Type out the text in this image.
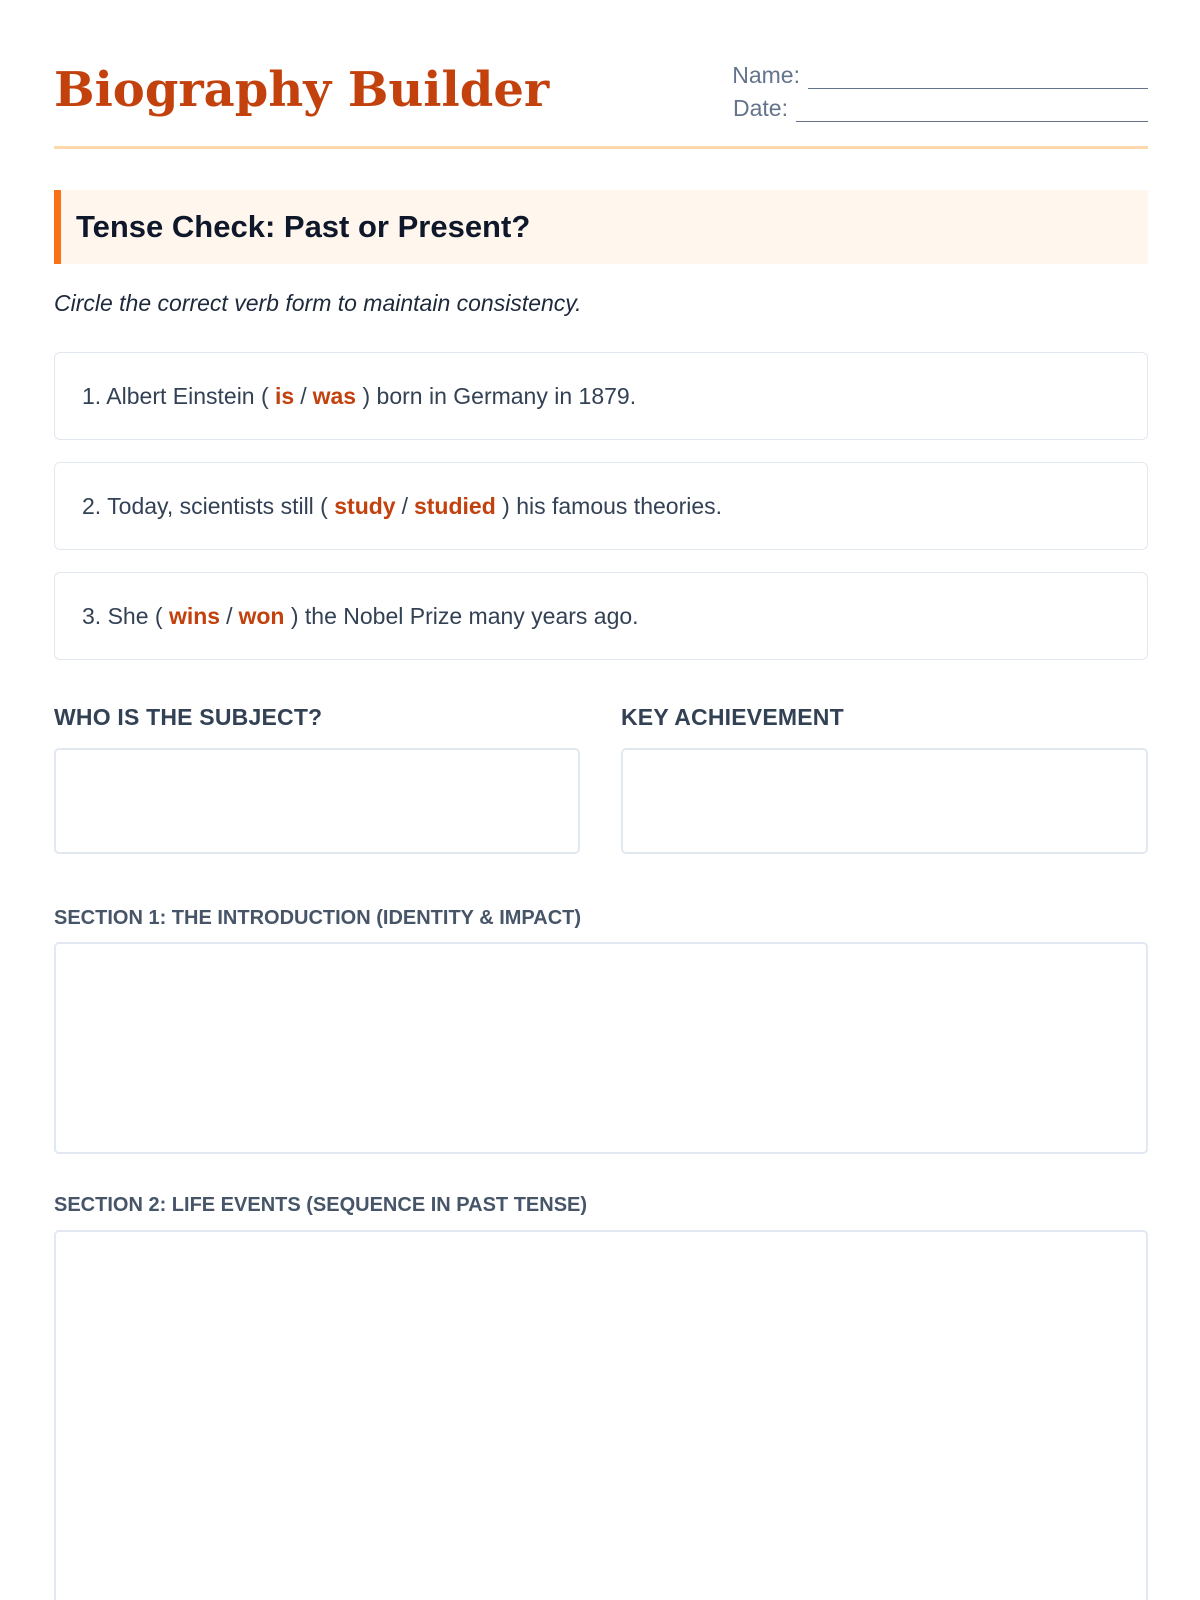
Biography Builder	Name:
Date:
Tense Check: Past or Present?
Circle the correct verb form to maintain consistency.
1. Albert Einstein (
is / was
) born in Germany in 1879.
2. Today, scientists still (
study / studied
) his famous theories.
3. She (
wins / won
) the Nobel Prize many years ago.
WHO IS THE SUBJECT?	KEY ACHIEVEMENT
SECTION 1: THE INTRODUCTION (IDENTITY & IMPACT)
SECTION 2: LIFE EVENTS (SEQUENCE IN PAST TENSE)
